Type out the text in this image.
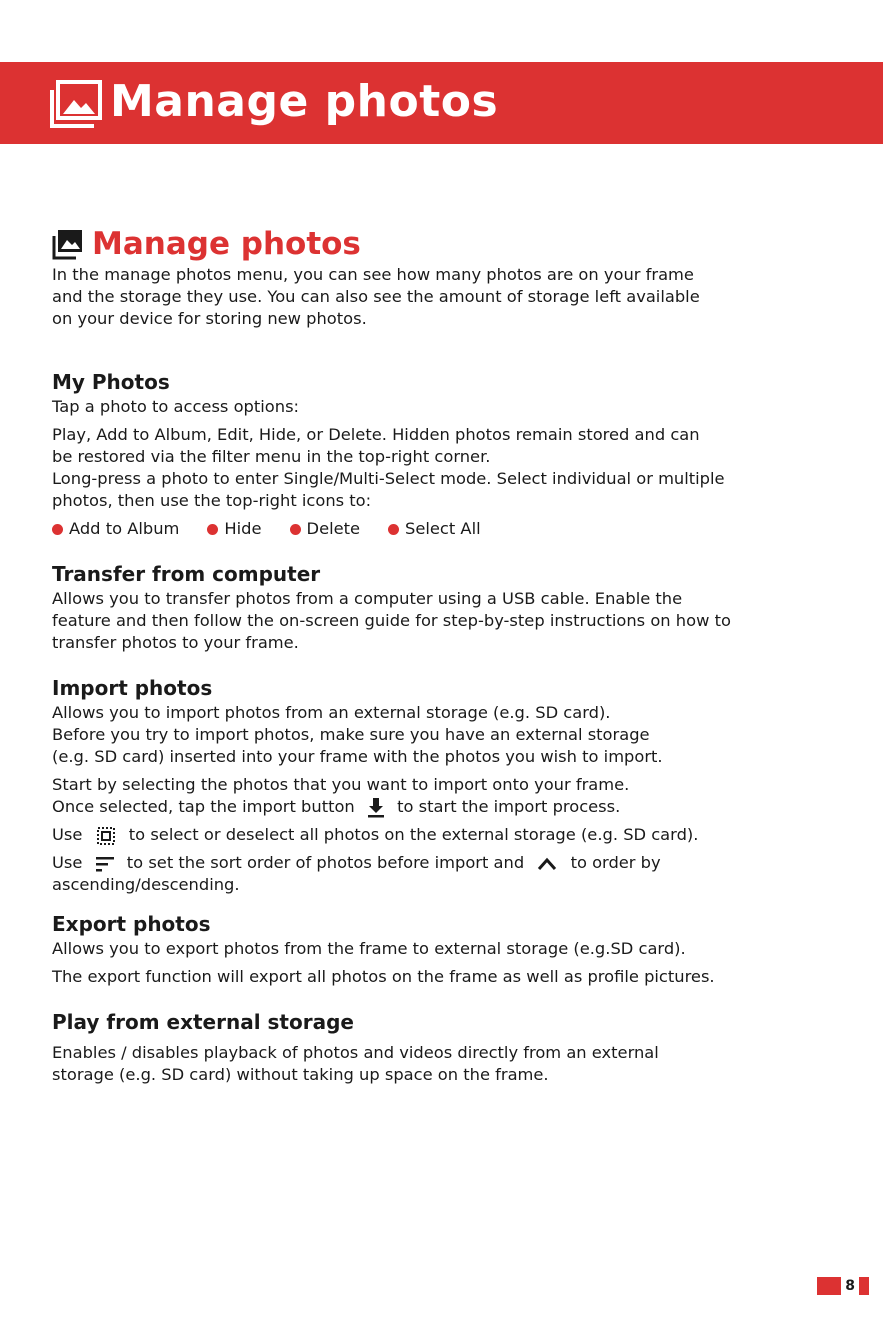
Manage photos
Manage photos

In the manage photos menu, you can see how many photos are on your frame

and the storage they use. You can also see the amount of storage left available

on your device for storing new photos.

My Photos

Tap a photo to access options:

Play, Add to Album, Edit, Hide, or Delete. Hidden photos remain stored and can

be restored via the filter menu in the top-right corner.

Long-press a photo to enter Single/Multi-Select mode. Select individual or multiple

photos, then use the top-right icons to:

Add to Album	Hide	Delete	Select All
Transfer from computer

Allows you to transfer photos from a computer using a USB cable. Enable the

feature and then follow the on-screen guide for step-by-step instructions on how to

transfer photos to your frame.

Import photos

Allows you to import photos from an external storage (e.g. SD card).

Before you try to import photos, make sure you have an external storage

(e.g. SD card) inserted into your frame with the photos you wish to import.

Start by selecting the photos that you want to import onto your frame.

Once selected, tap the import button	to start the import process.

Use	to select or deselect all photos on the external storage (e.g. SD card).

Use	to set the sort order of photos before import and	to order by

ascending/descending.

Export photos

Allows you to export photos from the frame to external storage (e.g.SD card).

The export function will export all photos on the frame as well as profile pictures.

Play from external storage

Enables / disables playback of photos and videos directly from an external

storage (e.g. SD card) without taking up space on the frame.

8
